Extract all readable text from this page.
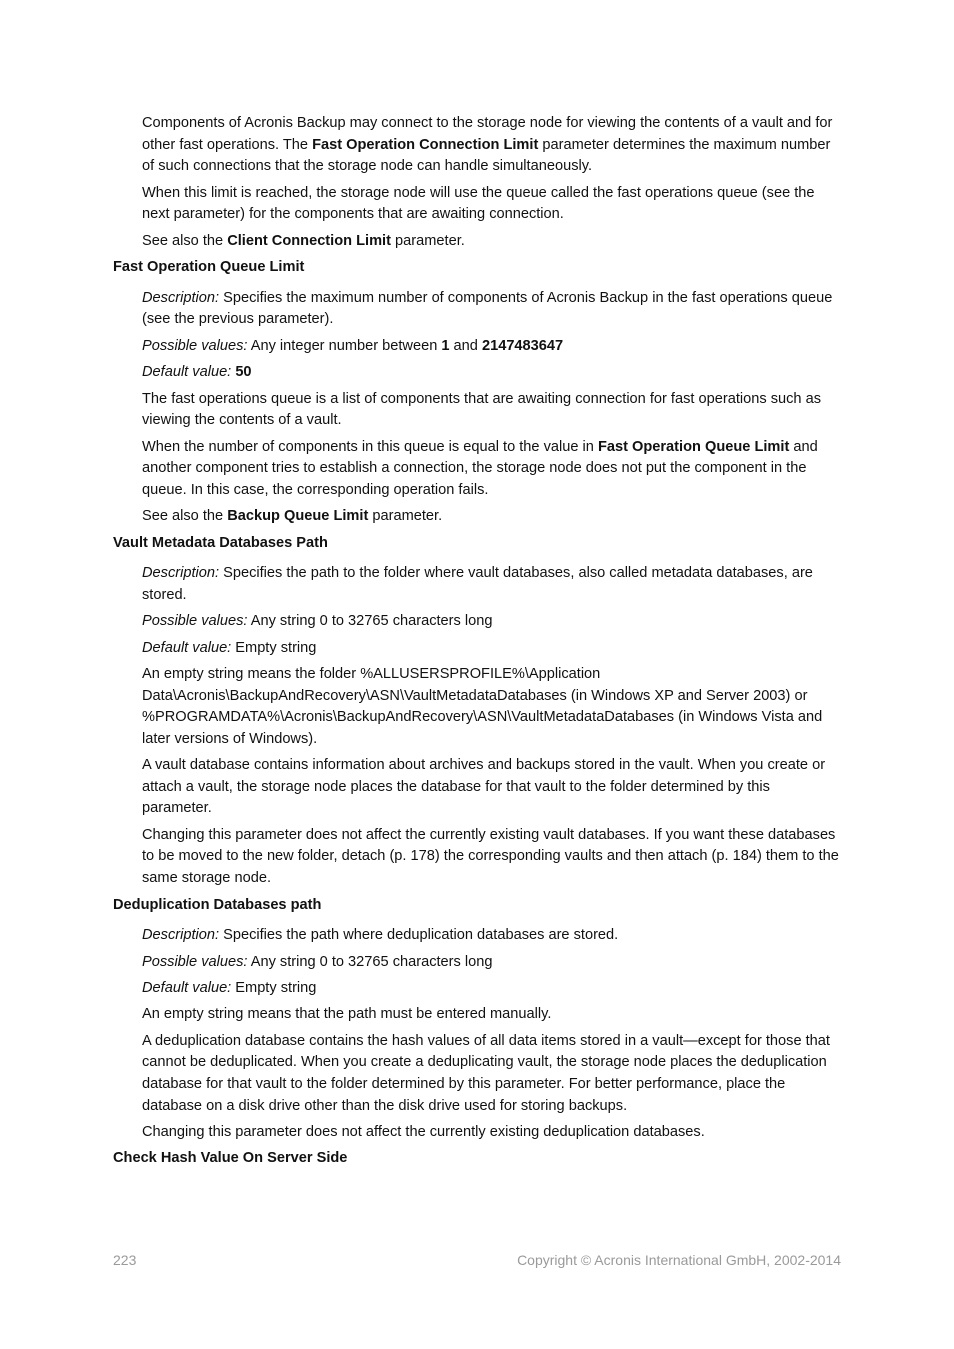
Components of Acronis Backup may connect to the storage node for viewing the contents of a vault and for other fast operations. The Fast Operation Connection Limit parameter determines the maximum number of such connections that the storage node can handle simultaneously.

When this limit is reached, the storage node will use the queue called the fast operations queue (see the next parameter) for the components that are awaiting connection.

See also the Client Connection Limit parameter.

Fast Operation Queue Limit

Description: Specifies the maximum number of components of Acronis Backup in the fast operations queue (see the previous parameter).

Possible values: Any integer number between 1 and 2147483647

Default value: 50

The fast operations queue is a list of components that are awaiting connection for fast operations such as viewing the contents of a vault.

When the number of components in this queue is equal to the value in Fast Operation Queue Limit and another component tries to establish a connection, the storage node does not put the component in the queue. In this case, the corresponding operation fails.

See also the Backup Queue Limit parameter.

Vault Metadata Databases Path

Description: Specifies the path to the folder where vault databases, also called metadata databases, are stored.

Possible values: Any string 0 to 32765 characters long

Default value: Empty string

An empty string means the folder %ALLUSERSPROFILE%\Application Data\Acronis\BackupAndRecovery\ASN\VaultMetadataDatabases (in Windows XP and Server 2003) or %PROGRAMDATA%\Acronis\BackupAndRecovery\ASN\VaultMetadataDatabases (in Windows Vista and later versions of Windows).

A vault database contains information about archives and backups stored in the vault. When you create or attach a vault, the storage node places the database for that vault to the folder determined by this parameter.

Changing this parameter does not affect the currently existing vault databases. If you want these databases to be moved to the new folder, detach (p. 178) the corresponding vaults and then attach (p. 184) them to the same storage node.

Deduplication Databases path

Description: Specifies the path where deduplication databases are stored.

Possible values: Any string 0 to 32765 characters long

Default value: Empty string

An empty string means that the path must be entered manually.

A deduplication database contains the hash values of all data items stored in a vault—except for those that cannot be deduplicated. When you create a deduplicating vault, the storage node places the deduplication database for that vault to the folder determined by this parameter. For better performance, place the database on a disk drive other than the disk drive used for storing backups.

Changing this parameter does not affect the currently existing deduplication databases.

Check Hash Value On Server Side

223	Copyright © Acronis International GmbH, 2002-2014
